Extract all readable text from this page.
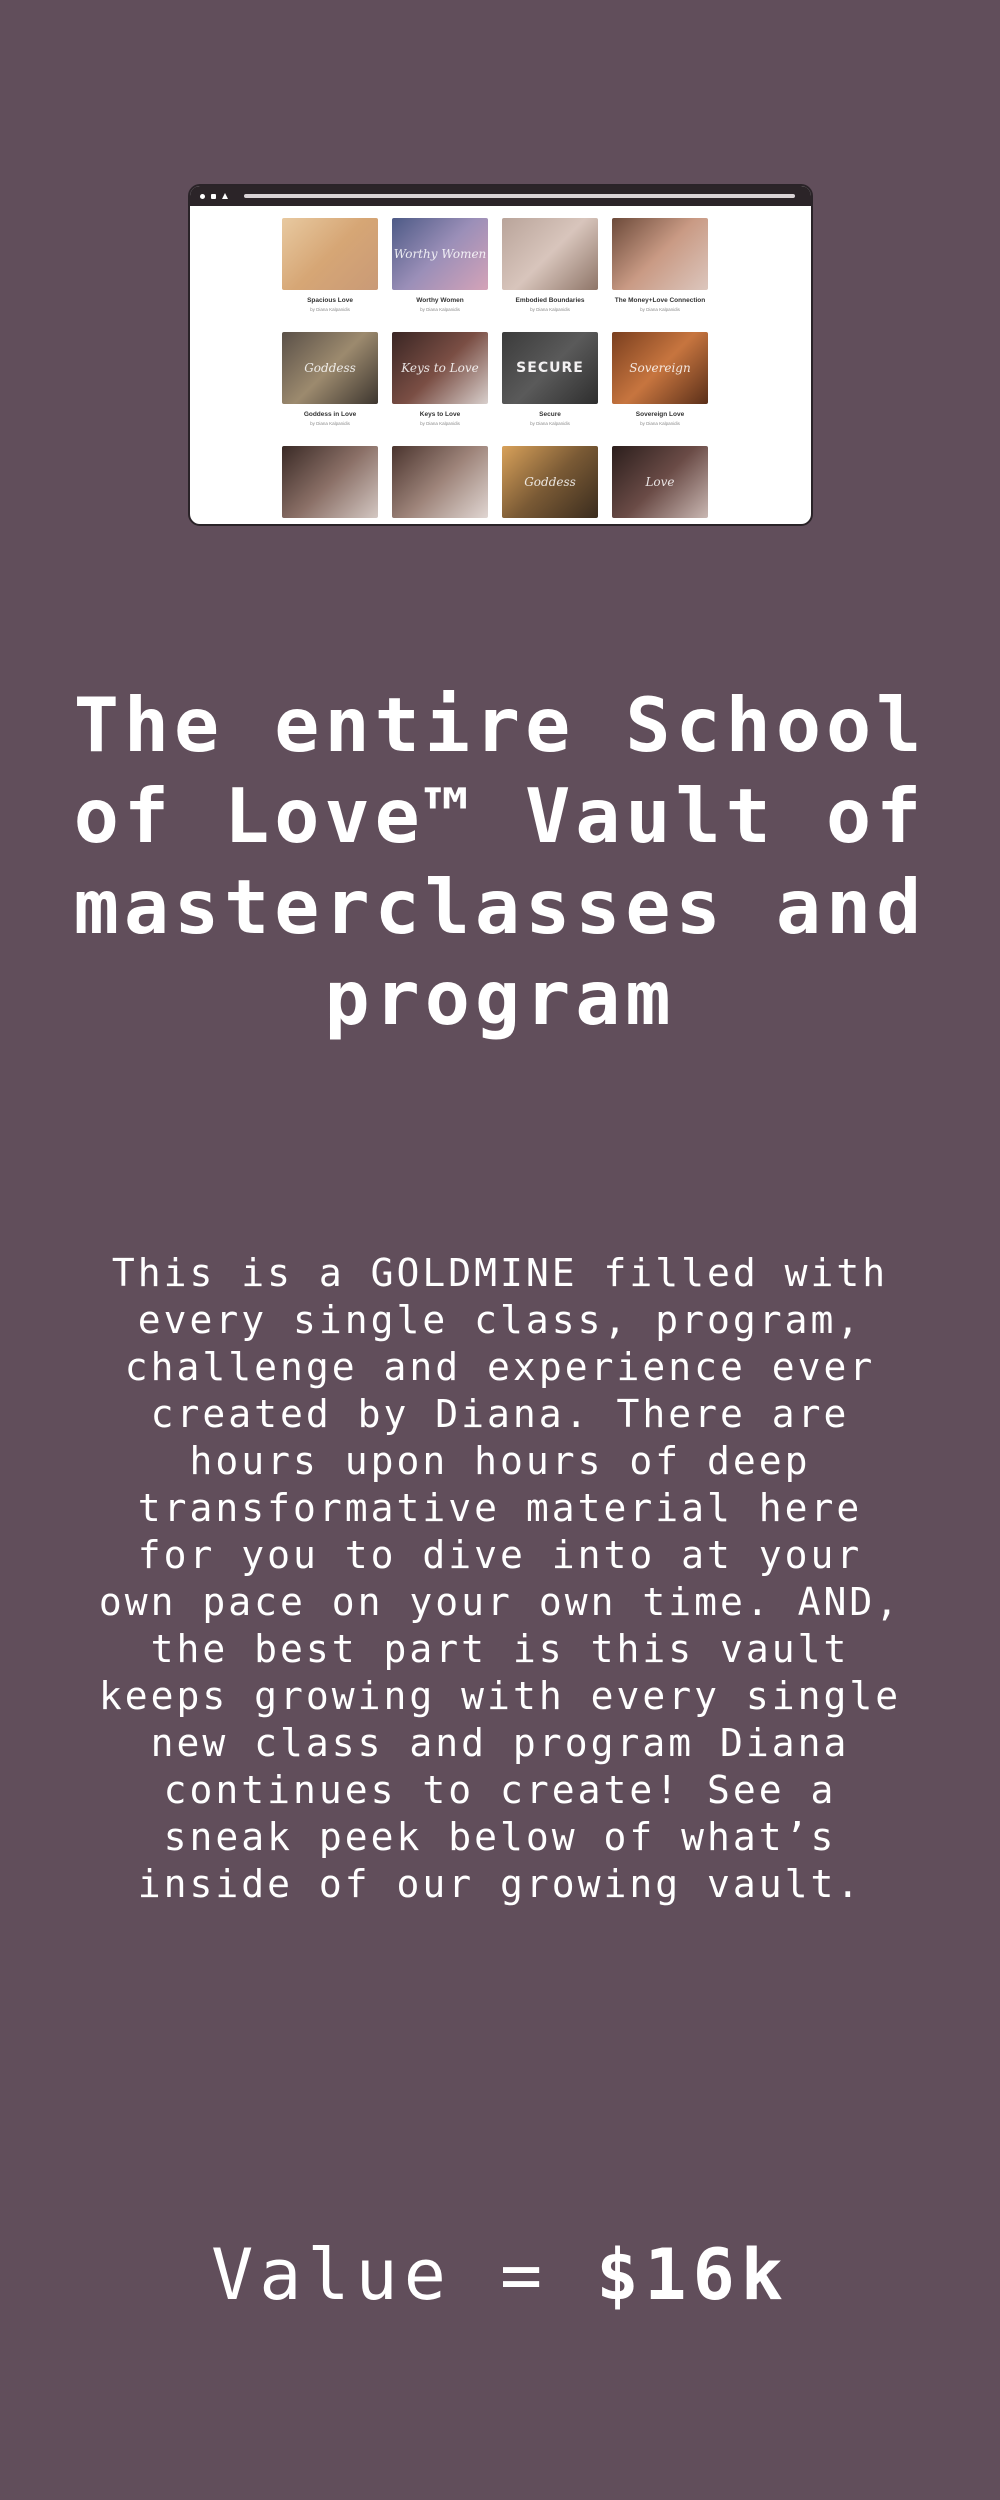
Spacious Love
by Diana Kalpanidis
Worthy Women
Worthy Women
by Diana Kalpanidis
Embodied Boundaries
by Diana Kalpanidis
The Money+Love Connection
by Diana Kalpanidis
Goddess
Goddess in Love
by Diana Kalpanidis
Keys to Love
Keys to Love
by Diana Kalpanidis
SECURE
Secure
by Diana Kalpanidis
Sovereign
Sovereign Love
by Diana Kalpanidis
Goddess	Love
The entire School of Love™ Vault of masterclasses and program

This is a GOLDMINE filled with every single class, program, challenge and experience ever created by Diana. There are hours upon hours of deep transformative material here for you to dive into at your own pace on your own time. AND, the best part is this vault keeps growing with every single new class and program Diana continues to create! See a sneak peek below of what’s inside of our growing vault.

Value = $16k
